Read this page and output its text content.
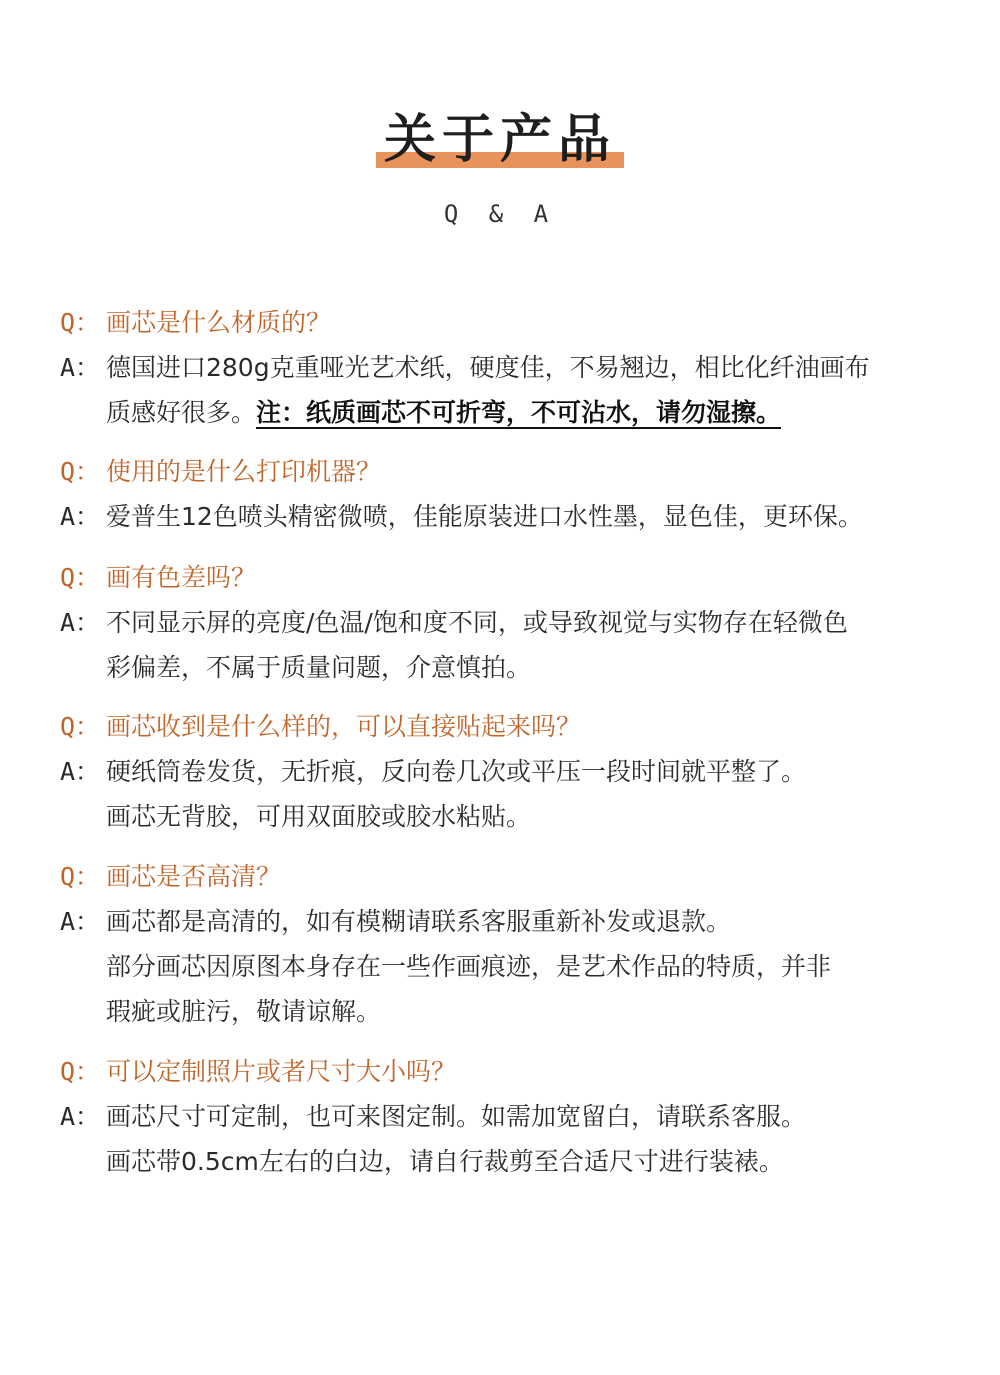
关于产品
Q & A
Q： 画芯是什么材质的？
A： 德国进口280g克重哑光艺术纸，硬度佳，不易翘边，相比化纤油画布
质感好很多。注：纸质画芯不可折弯，不可沾水，请勿湿擦。
Q： 使用的是什么打印机器？
A： 爱普生12色喷头精密微喷，佳能原装进口水性墨，显色佳，更环保。
Q： 画有色差吗？
A： 不同显示屏的亮度/色温/饱和度不同，或导致视觉与实物存在轻微色
彩偏差，不属于质量问题，介意慎拍。
Q： 画芯收到是什么样的，可以直接贴起来吗？
A： 硬纸筒卷发货，无折痕，反向卷几次或平压一段时间就平整了。
画芯无背胶，可用双面胶或胶水粘贴。
Q： 画芯是否高清？
A： 画芯都是高清的，如有模糊请联系客服重新补发或退款。
部分画芯因原图本身存在一些作画痕迹，是艺术作品的特质，并非
瑕疵或脏污，敬请谅解。
Q： 可以定制照片或者尺寸大小吗？
A： 画芯尺寸可定制，也可来图定制。如需加宽留白，请联系客服。
画芯带0.5cm左右的白边，请自行裁剪至合适尺寸进行装裱。
